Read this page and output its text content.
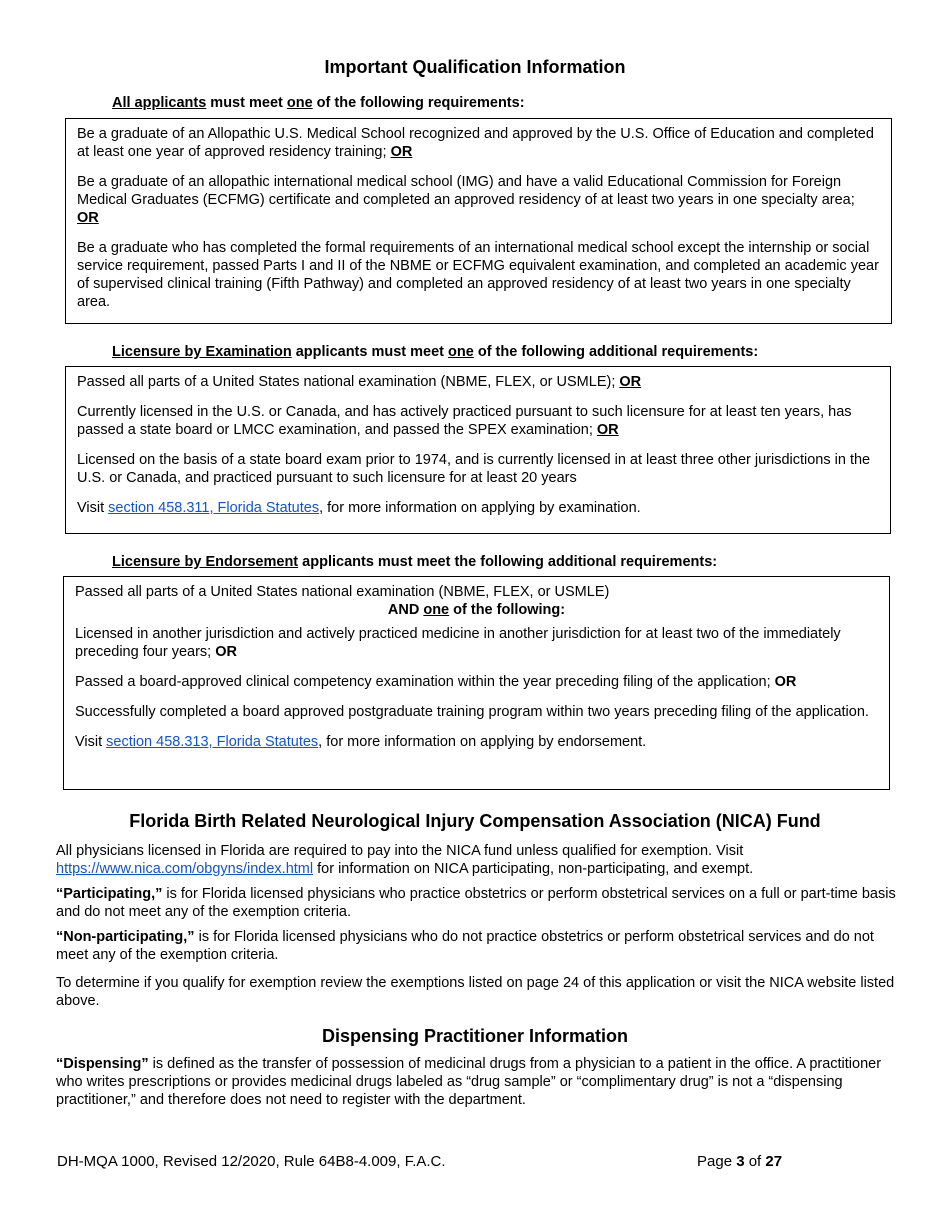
Important Qualification Information
All applicants must meet one of the following requirements:

Be a graduate of an Allopathic U.S. Medical School recognized and approved by the U.S. Office of Education and completed at least one year of approved residency training; OR

Be a graduate of an allopathic international medical school (IMG) and have a valid Educational Commission for Foreign Medical Graduates (ECFMG) certificate and completed an approved residency of at least two years in one specialty area; OR

Be a graduate who has completed the formal requirements of an international medical school except the internship or social service requirement, passed Parts I and II of the NBME or ECFMG equivalent examination, and completed an academic year of supervised clinical training (Fifth Pathway) and completed an approved residency of at least two years in one specialty area.

Licensure by Examination applicants must meet one of the following additional requirements:

Passed all parts of a United States national examination (NBME, FLEX, or USMLE); OR

Currently licensed in the U.S. or Canada, and has actively practiced pursuant to such licensure for at least ten years, has passed a state board or LMCC examination, and passed the SPEX examination; OR

Licensed on the basis of a state board exam prior to 1974, and is currently licensed in at least three other jurisdictions in the U.S. or Canada, and practiced pursuant to such licensure for at least 20 years

Visit section 458.311, Florida Statutes, for more information on applying by examination.

Licensure by Endorsement applicants must meet the following additional requirements:

Passed all parts of a United States national examination (NBME, FLEX, or USMLE)

AND one of the following:

Licensed in another jurisdiction and actively practiced medicine in another jurisdiction for at least two of the immediately preceding four years; OR

Passed a board-approved clinical competency examination within the year preceding filing of the application; OR

Successfully completed a board approved postgraduate training program within two years preceding filing of the application.

Visit section 458.313, Florida Statutes, for more information on applying by endorsement.

Florida Birth Related Neurological Injury Compensation Association (NICA) Fund

All physicians licensed in Florida are required to pay into the NICA fund unless qualified for exemption. Visit https://www.nica.com/obgyns/index.html for information on NICA participating, non-participating, and exempt.

“Participating,” is for Florida licensed physicians who practice obstetrics or perform obstetrical services on a full or part-time basis and do not meet any of the exemption criteria.

“Non-participating,” is for Florida licensed physicians who do not practice obstetrics or perform obstetrical services and do not meet any of the exemption criteria.

To determine if you qualify for exemption review the exemptions listed on page 24 of this application or visit the NICA website listed above.

Dispensing Practitioner Information

“Dispensing” is defined as the transfer of possession of medicinal drugs from a physician to a patient in the office. A practitioner who writes prescriptions or provides medicinal drugs labeled as “drug sample” or “complimentary drug” is not a “dispensing practitioner,” and therefore does not need to register with the department.

DH-MQA 1000, Revised 12/2020, Rule 64B8-4.009, F.A.C.	Page 3 of 27
